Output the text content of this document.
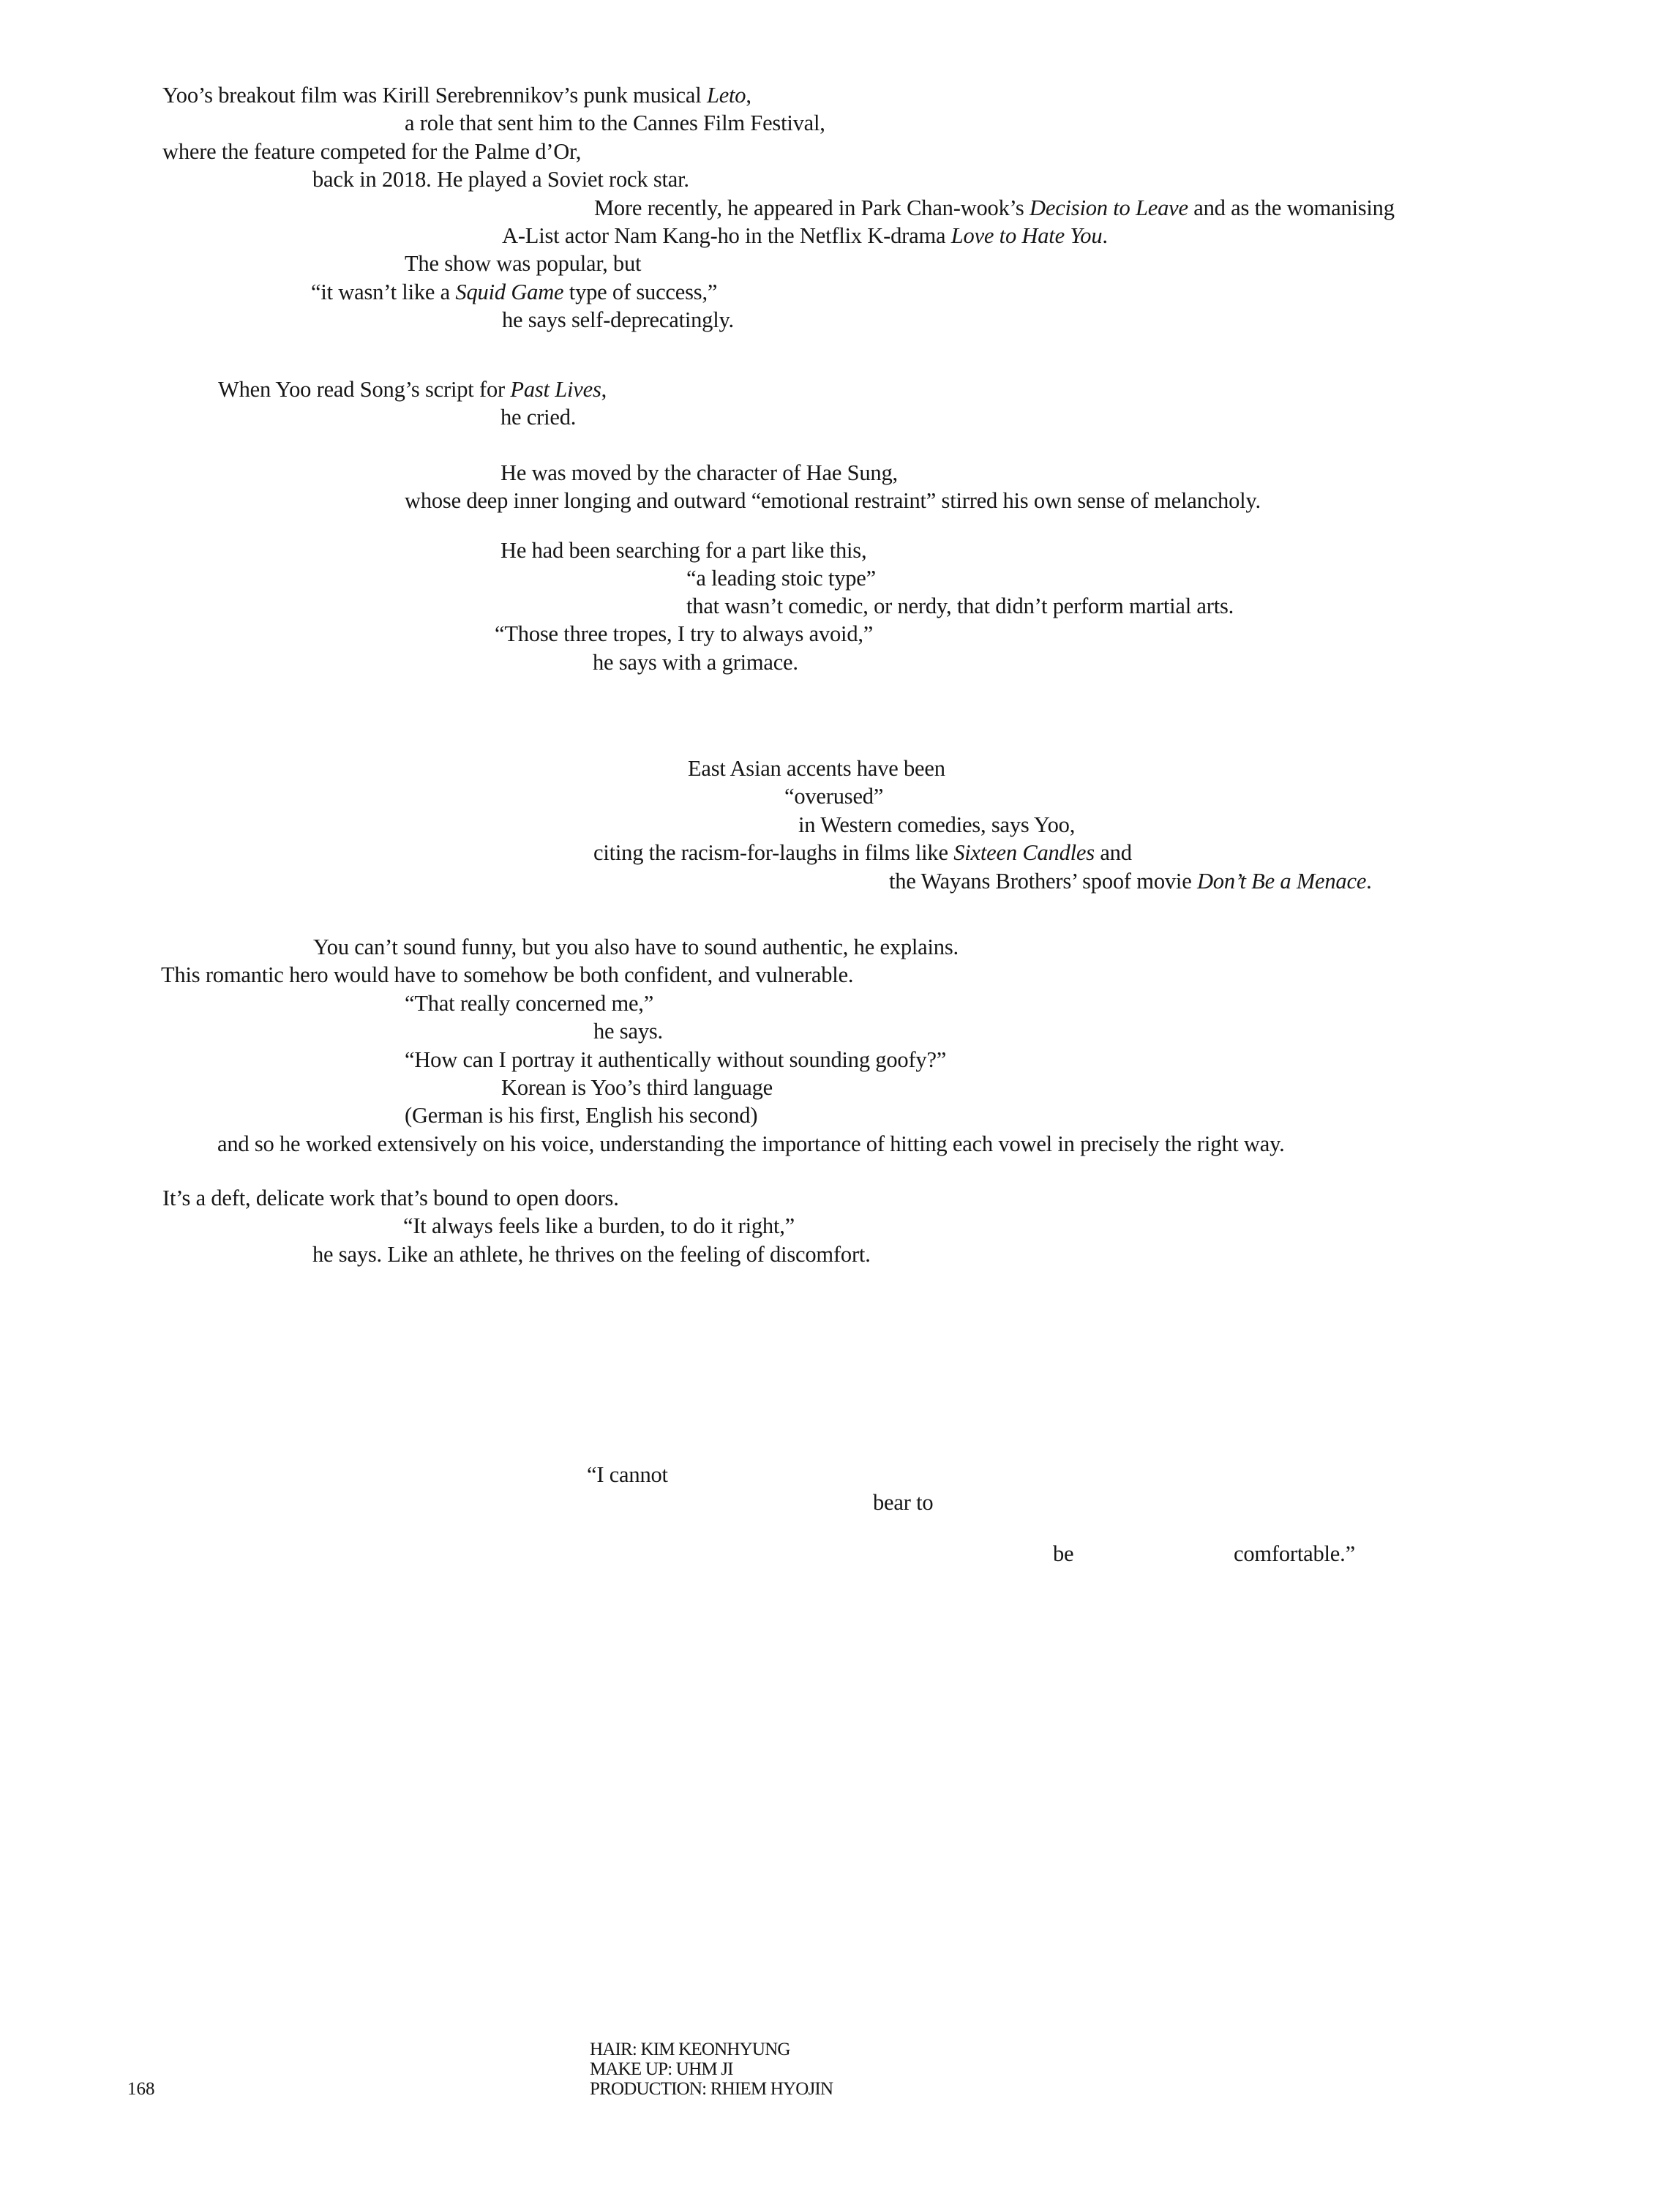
Yoo’s breakout film was Kirill Serebrennikov’s punk musical Leto,
a role that sent him to the Cannes Film Festival,
where the feature competed for the Palme d’Or,
back in 2018. He played a Soviet rock star.
More recently, he appeared in Park Chan-wook’s Decision to Leave and as the womanising
A-List actor Nam Kang-ho in the Netflix K-drama Love to Hate You.
The show was popular, but
“it wasn’t like a Squid Game type of success,”
he says self-deprecatingly.
When Yoo read Song’s script for Past Lives,
he cried.
He was moved by the character of Hae Sung,
whose deep inner longing and outward “emotional restraint” stirred his own sense of melancholy.
He had been searching for a part like this,
“a leading stoic type”
that wasn’t comedic, or nerdy, that didn’t perform martial arts.
“Those three tropes, I try to always avoid,”
he says with a grimace.
East Asian accents have been
“overused”
in Western comedies, says Yoo,
citing the racism-for-laughs in films like Sixteen Candles and
the Wayans Brothers’ spoof movie Don’t Be a Menace.
You can’t sound funny, but you also have to sound authentic, he explains.
This romantic hero would have to somehow be both confident, and vulnerable.
“That really concerned me,”
he says.
“How can I portray it authentically without sounding goofy?”
Korean is Yoo’s third language
(German is his first, English his second)
and so he worked extensively on his voice, understanding the importance of hitting each vowel in precisely the right way.
It’s a deft, delicate work that’s bound to open doors.
“It always feels like a burden, to do it right,”
he says. Like an athlete, he thrives on the feeling of discomfort.
“I cannot
bear to
be	comfortable.”
168
HAIR: KIM KEONHYUNG
MAKE UP: UHM JI
PRODUCTION: RHIEM HYOJIN
